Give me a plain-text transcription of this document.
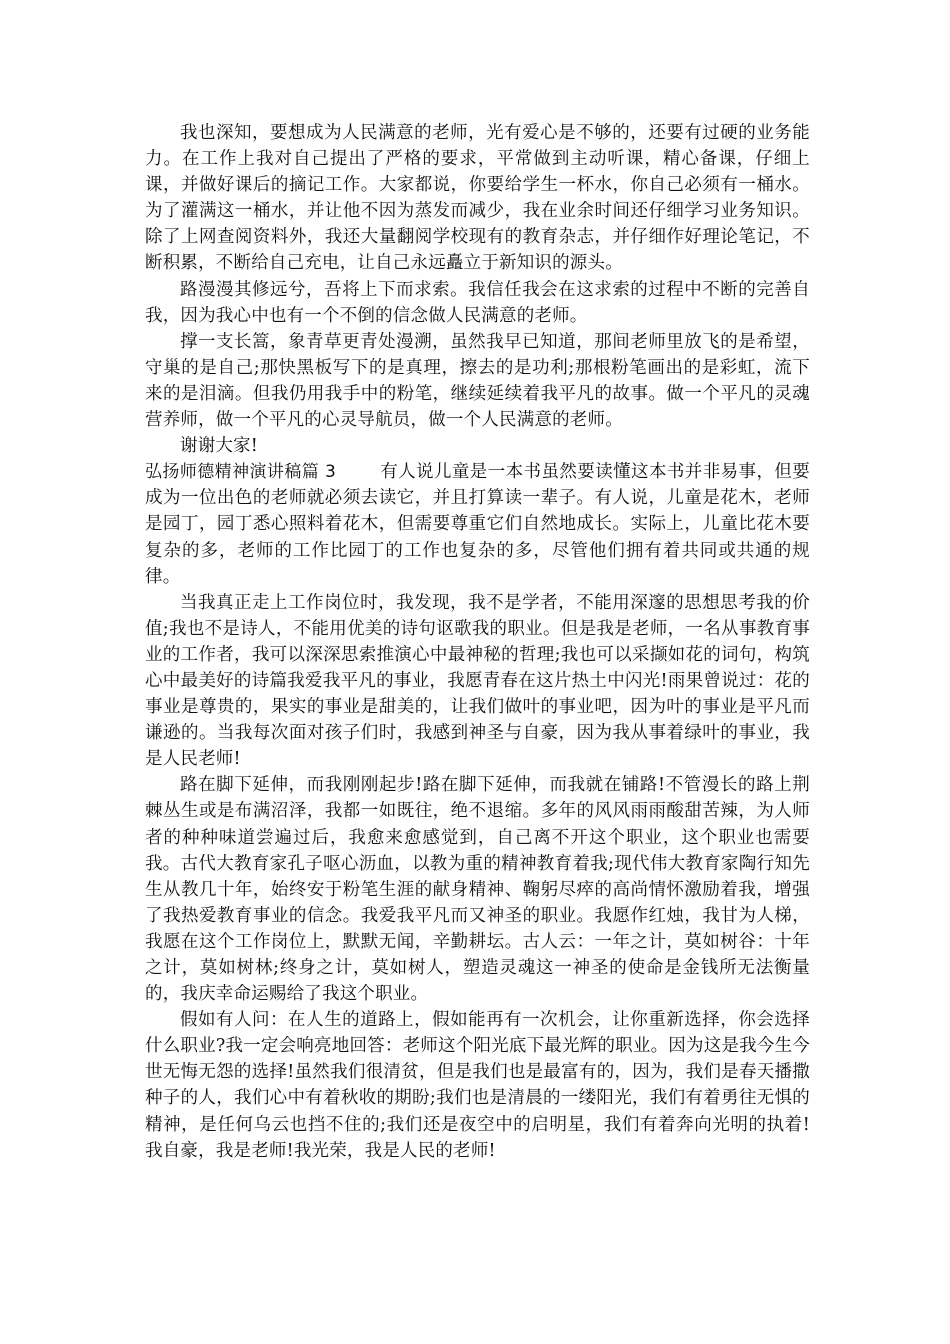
我也深知，要想成为人民满意的老师，光有爱心是不够的，还要有过硬的业务能力。在工作上我对自己提出了严格的要求，平常做到主动听课，精心备课，仔细上课，并做好课后的摘记工作。大家都说，你要给学生一杯水，你自己必须有一桶水。为了灌满这一桶水，并让他不因为蒸发而减少，我在业余时间还仔细学习业务知识。除了上网查阅资料外，我还大量翻阅学校现有的教育杂志，并仔细作好理论笔记，不断积累，不断给自己充电，让自己永远矗立于新知识的源头。

路漫漫其修远兮，吾将上下而求索。我信任我会在这求索的过程中不断的完善自我，因为我心中也有一个不倒的信念做人民满意的老师。

撑一支长篙，象青草更青处漫溯，虽然我早已知道，那间老师里放飞的是希望，守巢的是自己;那快黑板写下的是真理，擦去的是功利;那根粉笔画出的是彩虹，流下来的是泪滴。但我仍用我手中的粉笔，继续延续着我平凡的故事。做一个平凡的灵魂营养师，做一个平凡的心灵导航员，做一个人民满意的老师。

谢谢大家!

弘扬师德精神演讲稿篇 3	有人说儿童是一本书虽然要读懂这本书并非易事，但要成为一位出色的老师就必须去读它，并且打算读一辈子。有人说，儿童是花木，老师是园丁，园丁悉心照料着花木，但需要尊重它们自然地成长。实际上，儿童比花木要复杂的多，老师的工作比园丁的工作也复杂的多，尽管他们拥有着共同或共通的规律。

当我真正走上工作岗位时，我发现，我不是学者，不能用深邃的思想思考我的价值;我也不是诗人，不能用优美的诗句讴歌我的职业。但是我是老师，一名从事教育事业的工作者，我可以深深思索推演心中最神秘的哲理;我也可以采撷如花的词句，构筑心中最美好的诗篇我爱我平凡的事业，我愿青春在这片热土中闪光!雨果曾说过：花的事业是尊贵的，果实的事业是甜美的，让我们做叶的事业吧，因为叶的事业是平凡而谦逊的。当我每次面对孩子们时，我感到神圣与自豪，因为我从事着绿叶的事业，我是人民老师!

路在脚下延伸，而我刚刚起步!路在脚下延伸，而我就在铺路!不管漫长的路上荆棘丛生或是布满沼泽，我都一如既往，绝不退缩。多年的风风雨雨酸甜苦辣，为人师者的种种味道尝遍过后，我愈来愈感觉到，自己离不开这个职业，这个职业也需要我。古代大教育家孔子呕心沥血，以教为重的精神教育着我;现代伟大教育家陶行知先生从教几十年，始终安于粉笔生涯的献身精神、鞠躬尽瘁的高尚情怀激励着我，增强了我热爱教育事业的信念。我爱我平凡而又神圣的职业。我愿作红烛，我甘为人梯，我愿在这个工作岗位上，默默无闻，辛勤耕坛。古人云：一年之计，莫如树谷：十年之计，莫如树林;终身之计，莫如树人，塑造灵魂这一神圣的使命是金钱所无法衡量的，我庆幸命运赐给了我这个职业。

假如有人问：在人生的道路上，假如能再有一次机会，让你重新选择，你会选择什么职业?我一定会响亮地回答：老师这个阳光底下最光辉的职业。因为这是我今生今世无悔无怨的选择!虽然我们很清贫，但是我们也是最富有的，因为，我们是春天播撒种子的人，我们心中有着秋收的期盼;我们也是清晨的一缕阳光，我们有着勇往无惧的精神，是任何乌云也挡不住的;我们还是夜空中的启明星，我们有着奔向光明的执着!我自豪，我是老师!我光荣，我是人民的老师!
